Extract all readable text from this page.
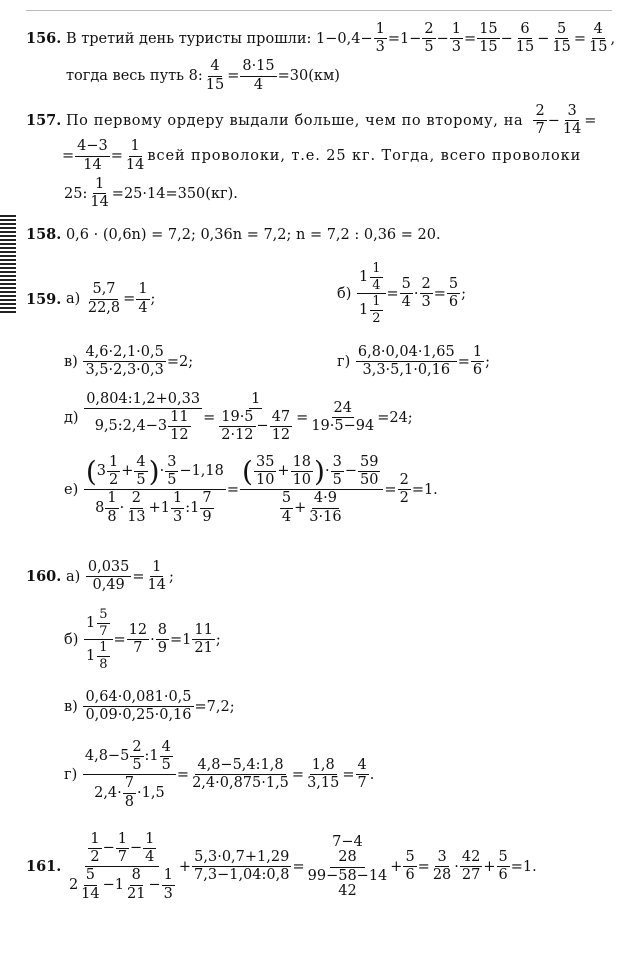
156.
В третий день туристы прошли: $1-0,4- \frac{1}{3} =1- \frac{2}{5} - \frac{1}{3} = \frac{15}{15} - \frac{6}{15} - \frac{5}{15} = \frac{4}{15}$ ,
тогда весь путь 8: $\frac{4}{15} = \frac{8\cdot 15}{4} =30(км)$
157.
По первому ордеру выдали больше, чем по второму, на
$\frac{2}{7} - \frac{3}{14}$ =
= $\frac{4-3}{14} = \frac{1}{14}$ всей проволоки, т.е. 25 кг. Тогда, всего проволоки
25: $\frac{1}{14} =25\cdot 14=350(кг)$.
158.
0,6 · (0,6n) = 7,2; 0,36n = 7,2; n = 7,2 : 0,36 = 20.
159.
а)
$\frac{5,7}{22,8} = \frac{1}{4}$ ;	б)
$\frac{1 \frac{1}{4}}{1 \frac{1}{2}} = \frac{5}{4} \cdot \frac{2}{3} = \frac{5}{6}$ ;
в)
$\frac{4,6\cdot 2,1\cdot 0,5}{3,5\cdot 2,3\cdot 0,3} =2$;	г)
$\frac{6,8\cdot 0,04\cdot 1,65}{3,3\cdot 5,1\cdot 0,16} = \frac{1}{6}$ ;
д)
$\frac{0,804:1,2+0,33}{9,5:2,4-3 \frac{11}{12}} = \frac{1}{\frac{19\cdot 5}{2\cdot 12} - \frac{47}{12}} = \frac{24}{19\cdot 5-94} =24$;
е)

( $3 \frac{1}{2} + \frac{4}{5}$ ) · $\frac{3}{5} -1,18$
$8 \frac{1}{8} \cdot \frac{2}{13} + 1 \frac{1}{3}$ : $1 \frac{7}{9}$
=
( $\frac{35}{10} + \frac{18}{10}$ ) · $\frac{3}{5} - \frac{59}{50}$
$\frac{5}{4} + \frac{4\cdot 9}{3\cdot 16}$
= $\frac{2}{2} =1$.
160.
а)
$\frac{0,035}{0,49} = \frac{1}{14}$ ;
б)
$\frac{1 \frac{5}{7}}{1 \frac{1}{8}} = \frac{12}{7} \cdot \frac{8}{9} = 1 \frac{11}{21}$ ;
в)
$\frac{0,64\cdot 0,081\cdot 0,5}{0,09\cdot 0,25\cdot 0,16} =7,2$;
г)
$\frac{4,8-5 \frac{2}{5} :1 \frac{4}{5}}{2,4\cdot \frac{7}{8} \cdot 1,5} = \frac{4,8-5,4:1,8}{2,4\cdot 0,875\cdot 1,5} = \frac{1,8}{3,15} = \frac{4}{7}$ .
161.
$\frac{\frac{1}{2} - \frac{1}{7} - \frac{1}{4}}{2 \frac{5}{14} - 1 \frac{8}{21} - \frac{1}{3}} + \frac{5,3\cdot 0,7+1,29}{7,3-1,04:0,8} = 7-4$
28
99−58−14
$42 + \frac{5}{6} = \frac{3}{28} \cdot \frac{42}{27} + \frac{5}{6} =1$.
